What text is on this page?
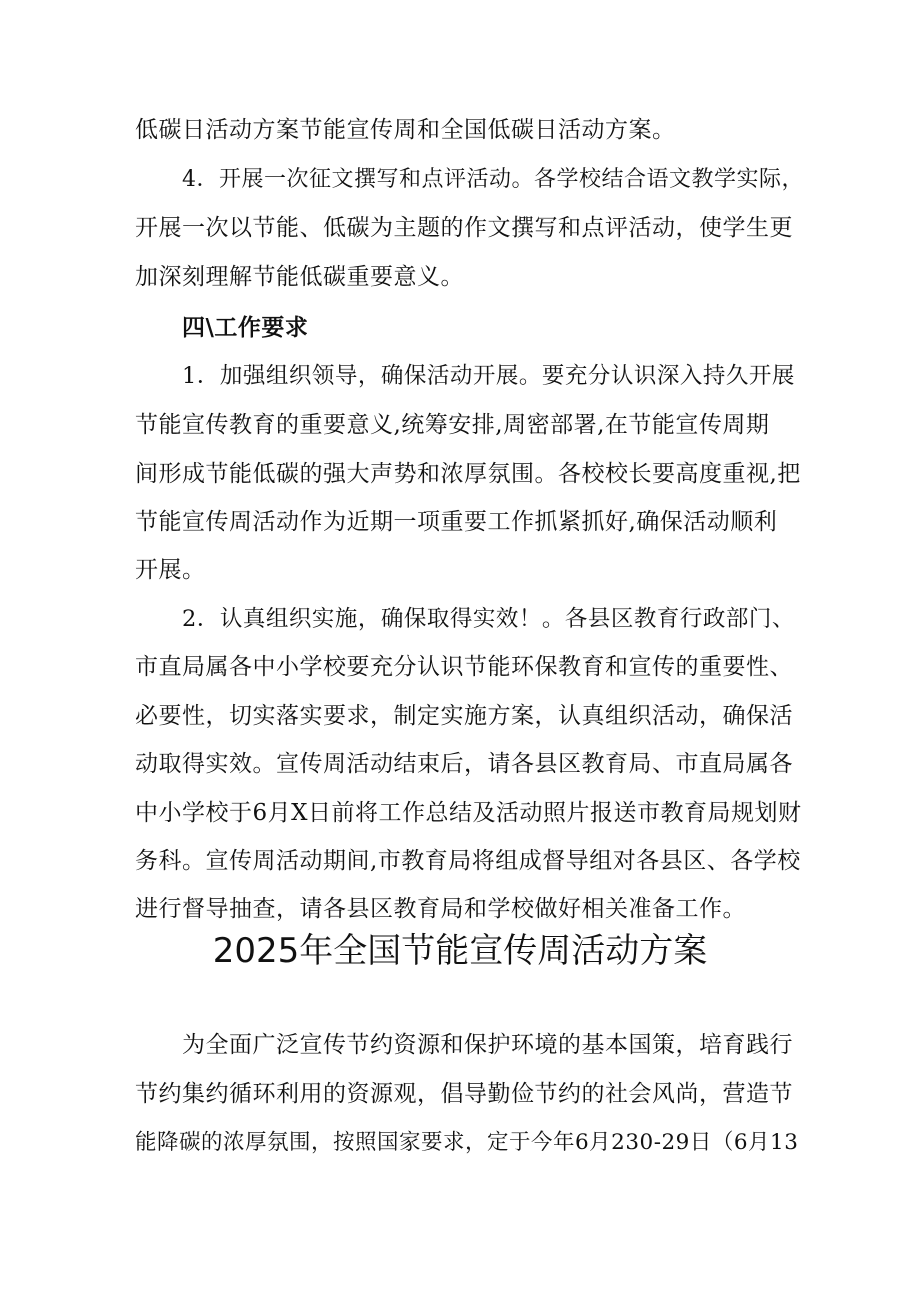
低碳日活动方案节能宣传周和全国低碳日活动方案。
4．开展一次征文撰写和点评活动。各学校结合语文教学实际，
开展一次以节能、低碳为主题的作文撰写和点评活动，使学生更
加深刻理解节能低碳重要意义。
四\工作要求
1．加强组织领导，确保活动开展。要充分认识深入持久开展
节能宣传教育的重要意义,统筹安排,周密部署,在节能宣传周期
间形成节能低碳的强大声势和浓厚氛围。各校校长要高度重视,把
节能宣传周活动作为近期一项重要工作抓紧抓好,确保活动顺利
开展。
2．认真组织实施，确保取得实效！。各县区教育行政部门、
市直局属各中小学校要充分认识节能环保教育和宣传的重要性、
必要性，切实落实要求，制定实施方案，认真组织活动，确保活
动取得实效。宣传周活动结束后，请各县区教育局、市直局属各
中小学校于6月X日前将工作总结及活动照片报送市教育局规划财
务科。宣传周活动期间,市教育局将组成督导组对各县区、各学校
进行督导抽查，请各县区教育局和学校做好相关准备工作。
2025年全国节能宣传周活动方案
为全面广泛宣传节约资源和保护环境的基本国策，培育践行
节约集约循环利用的资源观，倡导勤俭节约的社会风尚，营造节
能降碳的浓厚氛围，按照国家要求，定于今年6月230-29日（6月13
